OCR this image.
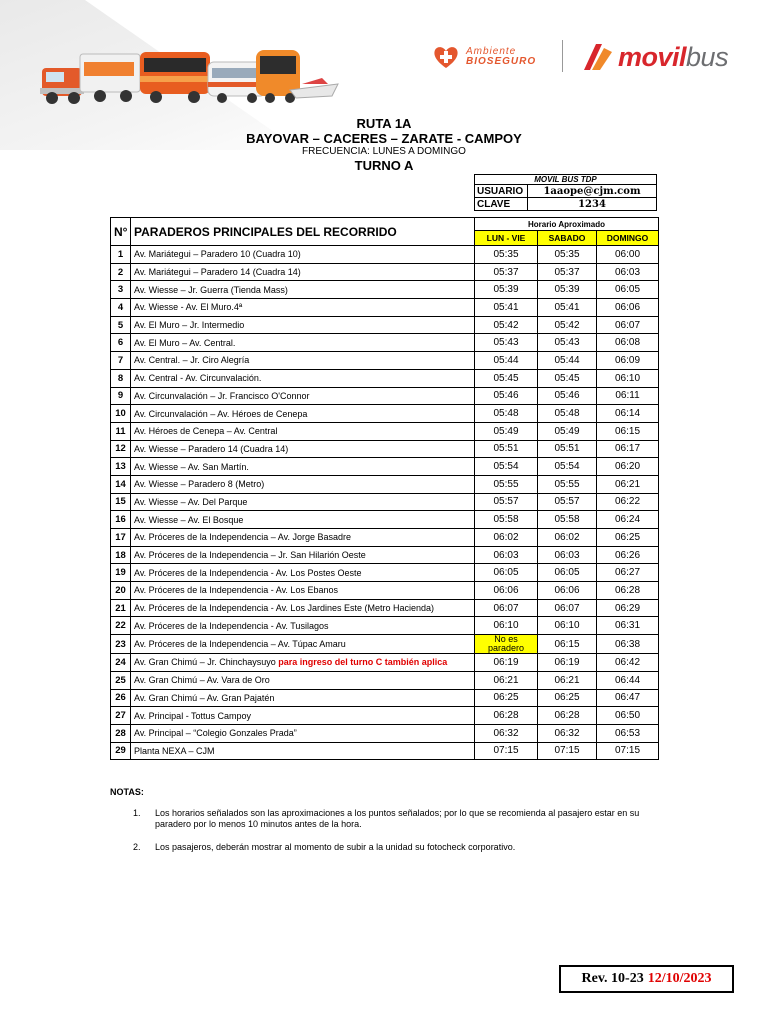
Ambiente
BIOSEGURO	movilbus
RUTA 1A
BAYOVAR – CACERES – ZARATE - CAMPOY
FRECUENCIA: LUNES A DOMINGO
TURNO A
MOVIL BUS TDP	
USUARIO	1aaope@cjm.com
CLAVE	1234
N°	PARADEROS PRINCIPALES DEL RECORRIDO	Horario Aproximado		
		LUN - VIE	SABADO	DOMINGO
1	Av. Mariátegui – Paradero 10 (Cuadra 10)	05:35	05:35	06:00
2	Av. Mariátegui – Paradero 14 (Cuadra 14)	05:37	05:37	06:03
3	Av. Wiesse – Jr. Guerra (Tienda Mass)	05:39	05:39	06:05
4	Av. Wiesse - Av. El Muro.4ª	05:41	05:41	06:06
5	Av. El Muro – Jr. Intermedio	05:42	05:42	06:07
6	Av. El Muro – Av. Central.	05:43	05:43	06:08
7	Av. Central. – Jr. Ciro Alegría	05:44	05:44	06:09
8	Av. Central - Av. Circunvalación.	05:45	05:45	06:10
9	Av. Circunvalación – Jr. Francisco O'Connor	05:46	05:46	06:11
10	Av. Circunvalación – Av. Héroes de Cenepa	05:48	05:48	06:14
11	Av. Héroes de Cenepa – Av. Central	05:49	05:49	06:15
12	Av. Wiesse – Paradero 14 (Cuadra 14)	05:51	05:51	06:17
13	Av. Wiesse – Av. San Martín.	05:54	05:54	06:20
14	Av. Wiesse – Paradero 8 (Metro)	05:55	05:55	06:21
15	Av. Wiesse – Av. Del Parque	05:57	05:57	06:22
16	Av. Wiesse – Av. El Bosque	05:58	05:58	06:24
17	Av. Próceres de la Independencia – Av. Jorge Basadre	06:02	06:02	06:25
18	Av. Próceres de la Independencia – Jr. San Hilarión Oeste	06:03	06:03	06:26
19	Av. Próceres de la Independencia - Av. Los Postes Oeste	06:05	06:05	06:27
20	Av. Próceres de la Independencia - Av. Los Ebanos	06:06	06:06	06:28
21	Av. Próceres de la Independencia - Av. Los Jardines Este (Metro Hacienda)	06:07	06:07	06:29
22	Av. Próceres de la Independencia - Av. Tusilagos	06:10	06:10	06:31
23	Av. Próceres de la Independencia – Av. Túpac Amaru	No es paradero	06:15	06:38
24	Av. Gran Chimú – Jr. Chinchaysuyo para ingreso del turno C también aplica	06:19	06:19	06:42
25	Av. Gran Chimú – Av. Vara de Oro	06:21	06:21	06:44
26	Av. Gran Chimú – Av. Gran Pajatén	06:25	06:25	06:47
27	Av. Principal - Tottus Campoy	06:28	06:28	06:50
28	Av. Principal – “Colegio Gonzales Prada”	06:32	06:32	06:53
29	Planta NEXA – CJM	07:15	07:15	07:15
NOTAS:
1.	Los horarios señalados son las aproximaciones a los puntos señalados; por lo que se recomienda al pasajero estar en su paradero por lo menos 10 minutos antes de la hora.
2.	Los pasajeros, deberán mostrar al momento de subir a la unidad su fotocheck corporativo.
Rev. 10-23 12/10/2023
